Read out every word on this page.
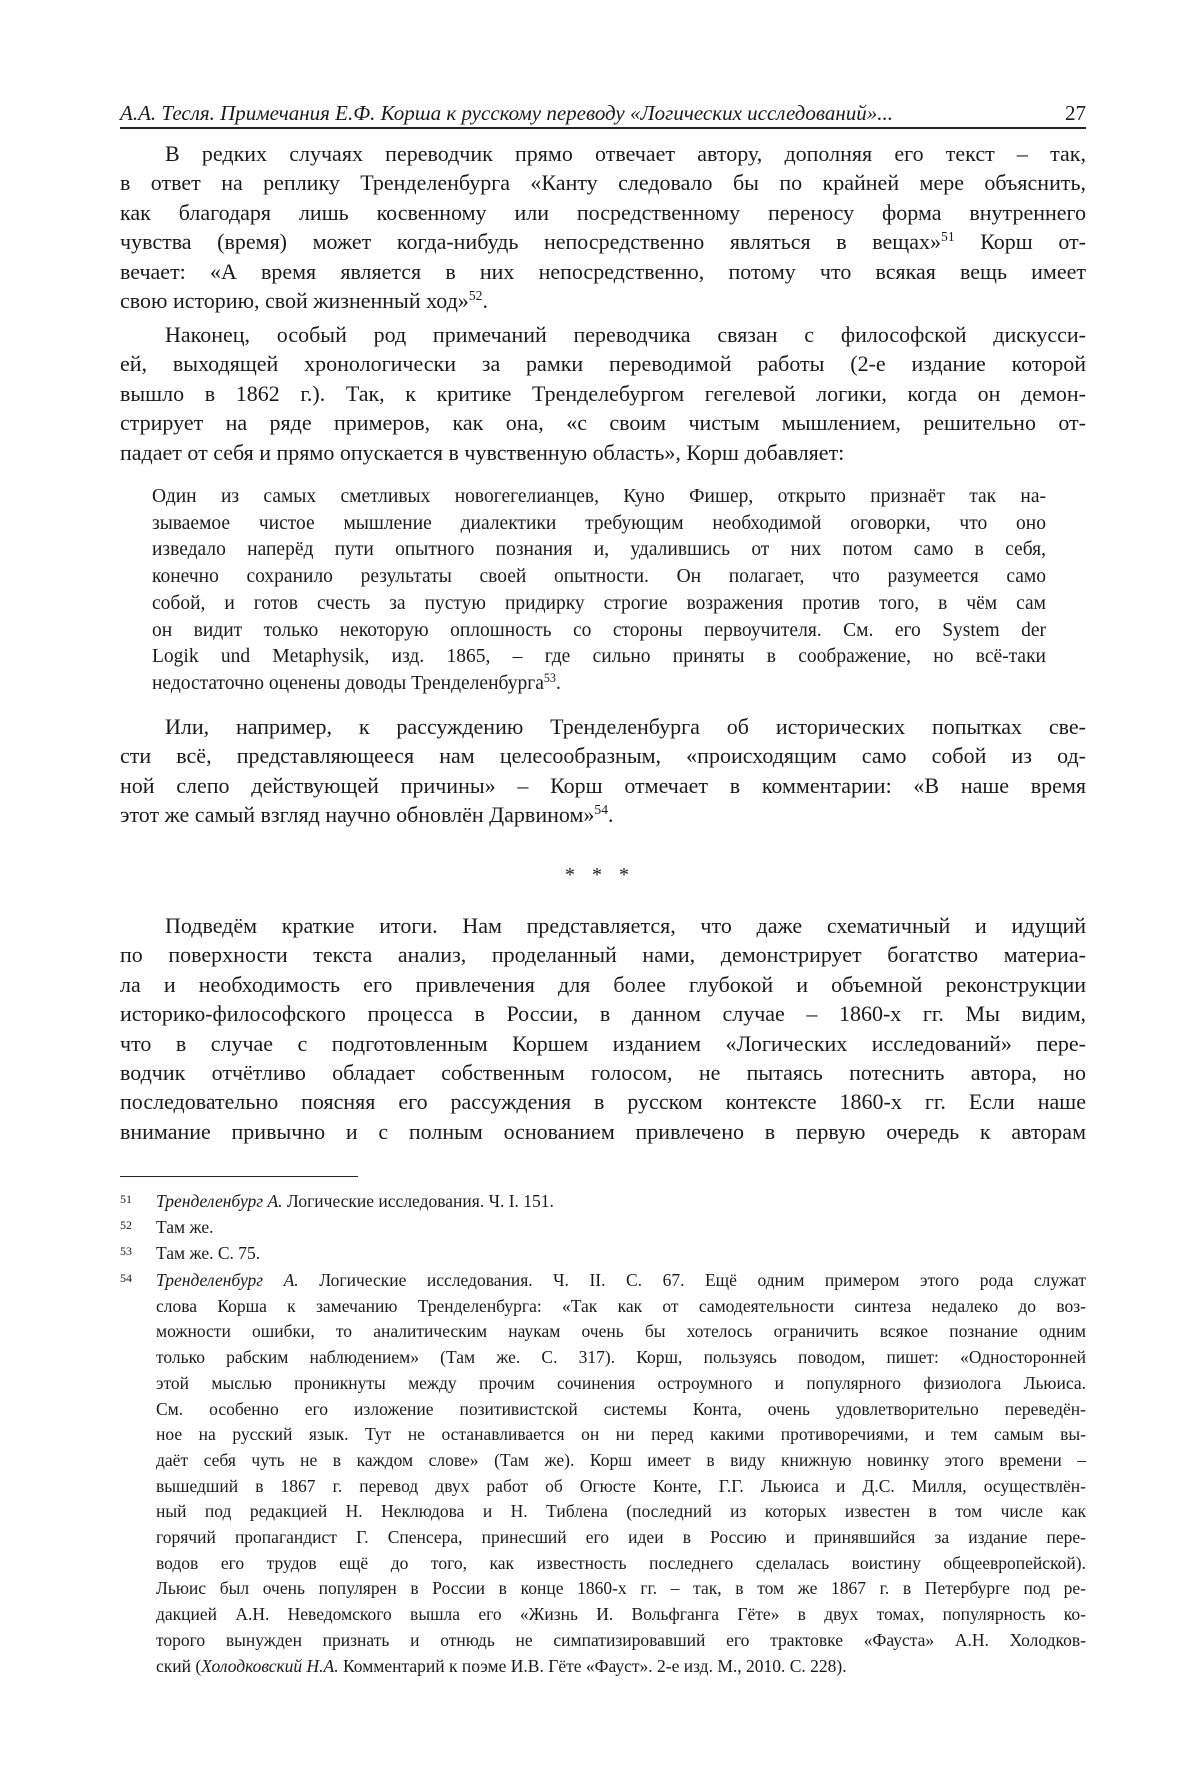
А.А. Тесля. Примечания Е.Ф. Корша к русскому переводу «Логических исследований»...	27
В редких случаях переводчик прямо отвечает автору, дополняя его текст – так,
в ответ на реплику Тренделенбурга «Канту следовало бы по крайней мере объяснить,
как благодаря лишь косвенному или посредственному переносу форма внутреннего
чувства (время) может когда-нибудь непосредственно являться в вещах»$^{51}$ Корш от-
вечает: «А время является в них непосредственно, потому что всякая вещь имеет
свою историю, свой жизненный ход»$^{52}$.
Наконец, особый род примечаний переводчика связан с философской дискусси-
ей, выходящей хронологически за рамки переводимой работы (2-е издание которой
вышло в 1862 г.). Так, к критике Тренделебургом гегелевой логики, когда он демон-
стрирует на ряде примеров, как она, «с своим чистым мышлением, решительно от-
падает от себя и прямо опускается в чувственную область», Корш добавляет:
Один из самых сметливых новогегелианцев, Куно Фишер, открыто признаёт так на-
зываемое чистое мышление диалектики требующим необходимой оговорки, что оно
изведало наперёд пути опытного познания и, удалившись от них потом само в себя,
конечно сохранило результаты своей опытности. Он полагает, что разумеется само
собой, и готов счесть за пустую придирку строгие возражения против того, в чём сам
он видит только некоторую оплошность со стороны первоучителя. См. его System der
Logik und Metaphysik, изд. 1865, – где сильно приняты в соображение, но всё-таки
недостаточно оценены доводы Тренделенбурга$^{53}$.
Или, например, к рассуждению Тренделенбурга об исторических попытках све-
сти всё, представляющееся нам целесообразным, «происходящим само собой из од-
ной слепо действующей причины» – Корш отмечает в комментарии: «В наше время
этот же самый взгляд научно обновлён Дарвином»$^{54}$.
* * *
Подведём краткие итоги. Нам представляется, что даже схематичный и идущий
по поверхности текста анализ, проделанный нами, демонстрирует богатство материа-
ла и необходимость его привлечения для более глубокой и объемной реконструкции
историко-философского процесса в России, в данном случае – 1860-х гг. Мы видим,
что в случае с подготовленным Коршем изданием «Логических исследований» пере-
водчик отчётливо обладает собственным голосом, не пытаясь потеснить автора, но
последовательно поясняя его рассуждения в русском контексте 1860-х гг. Если наше
внимание привычно и с полным основанием привлечено в первую очередь к авторам
51 Тренделенбург А. Логические исследования. Ч. I. 151.
52 Там же.
53 Там же. С. 75.
54 Тренделенбург А. Логические исследования. Ч. II. С. 67. Ещё одним примером этого рода служат
слова Корша к замечанию Тренделенбурга: «Так как от самодеятельности синтеза недалеко до воз-
можности ошибки, то аналитическим наукам очень бы хотелось ограничить всякое познание одним
только рабским наблюдением» (Там же. С. 317). Корш, пользуясь поводом, пишет: «Односторонней
этой мыслью проникнуты между прочим сочинения остроумного и популярного физиолога Льюиса.
См. особенно его изложение позитивистской системы Конта, очень удовлетворительно переведён-
ное на русский язык. Тут не останавливается он ни перед какими противоречиями, и тем самым вы-
даёт себя чуть не в каждом слове» (Там же). Корш имеет в виду книжную новинку этого времени –
вышедший в 1867 г. перевод двух работ об Огюсте Конте, Г.Г. Льюиса и Д.С. Милля, осуществлён-
ный под редакцией Н. Неклюдова и Н. Тиблена (последний из которых известен в том числе как
горячий пропагандист Г. Спенсера, принесший его идеи в Россию и принявшийся за издание пере-
водов его трудов ещё до того, как известность последнего сделалась воистину общеевропейской).
Льюис был очень популярен в России в конце 1860-х гг. – так, в том же 1867 г. в Петербурге под ре-
дакцией А.Н. Неведомского вышла его «Жизнь И. Вольфганга Гёте» в двух томах, популярность ко-
торого вынужден признать и отнюдь не симпатизировавший его трактовке «Фауста» А.Н. Холодков-
ский (Холодковский Н.А. Комментарий к поэме И.В. Гёте «Фауст». 2-е изд. М., 2010. С. 228).
